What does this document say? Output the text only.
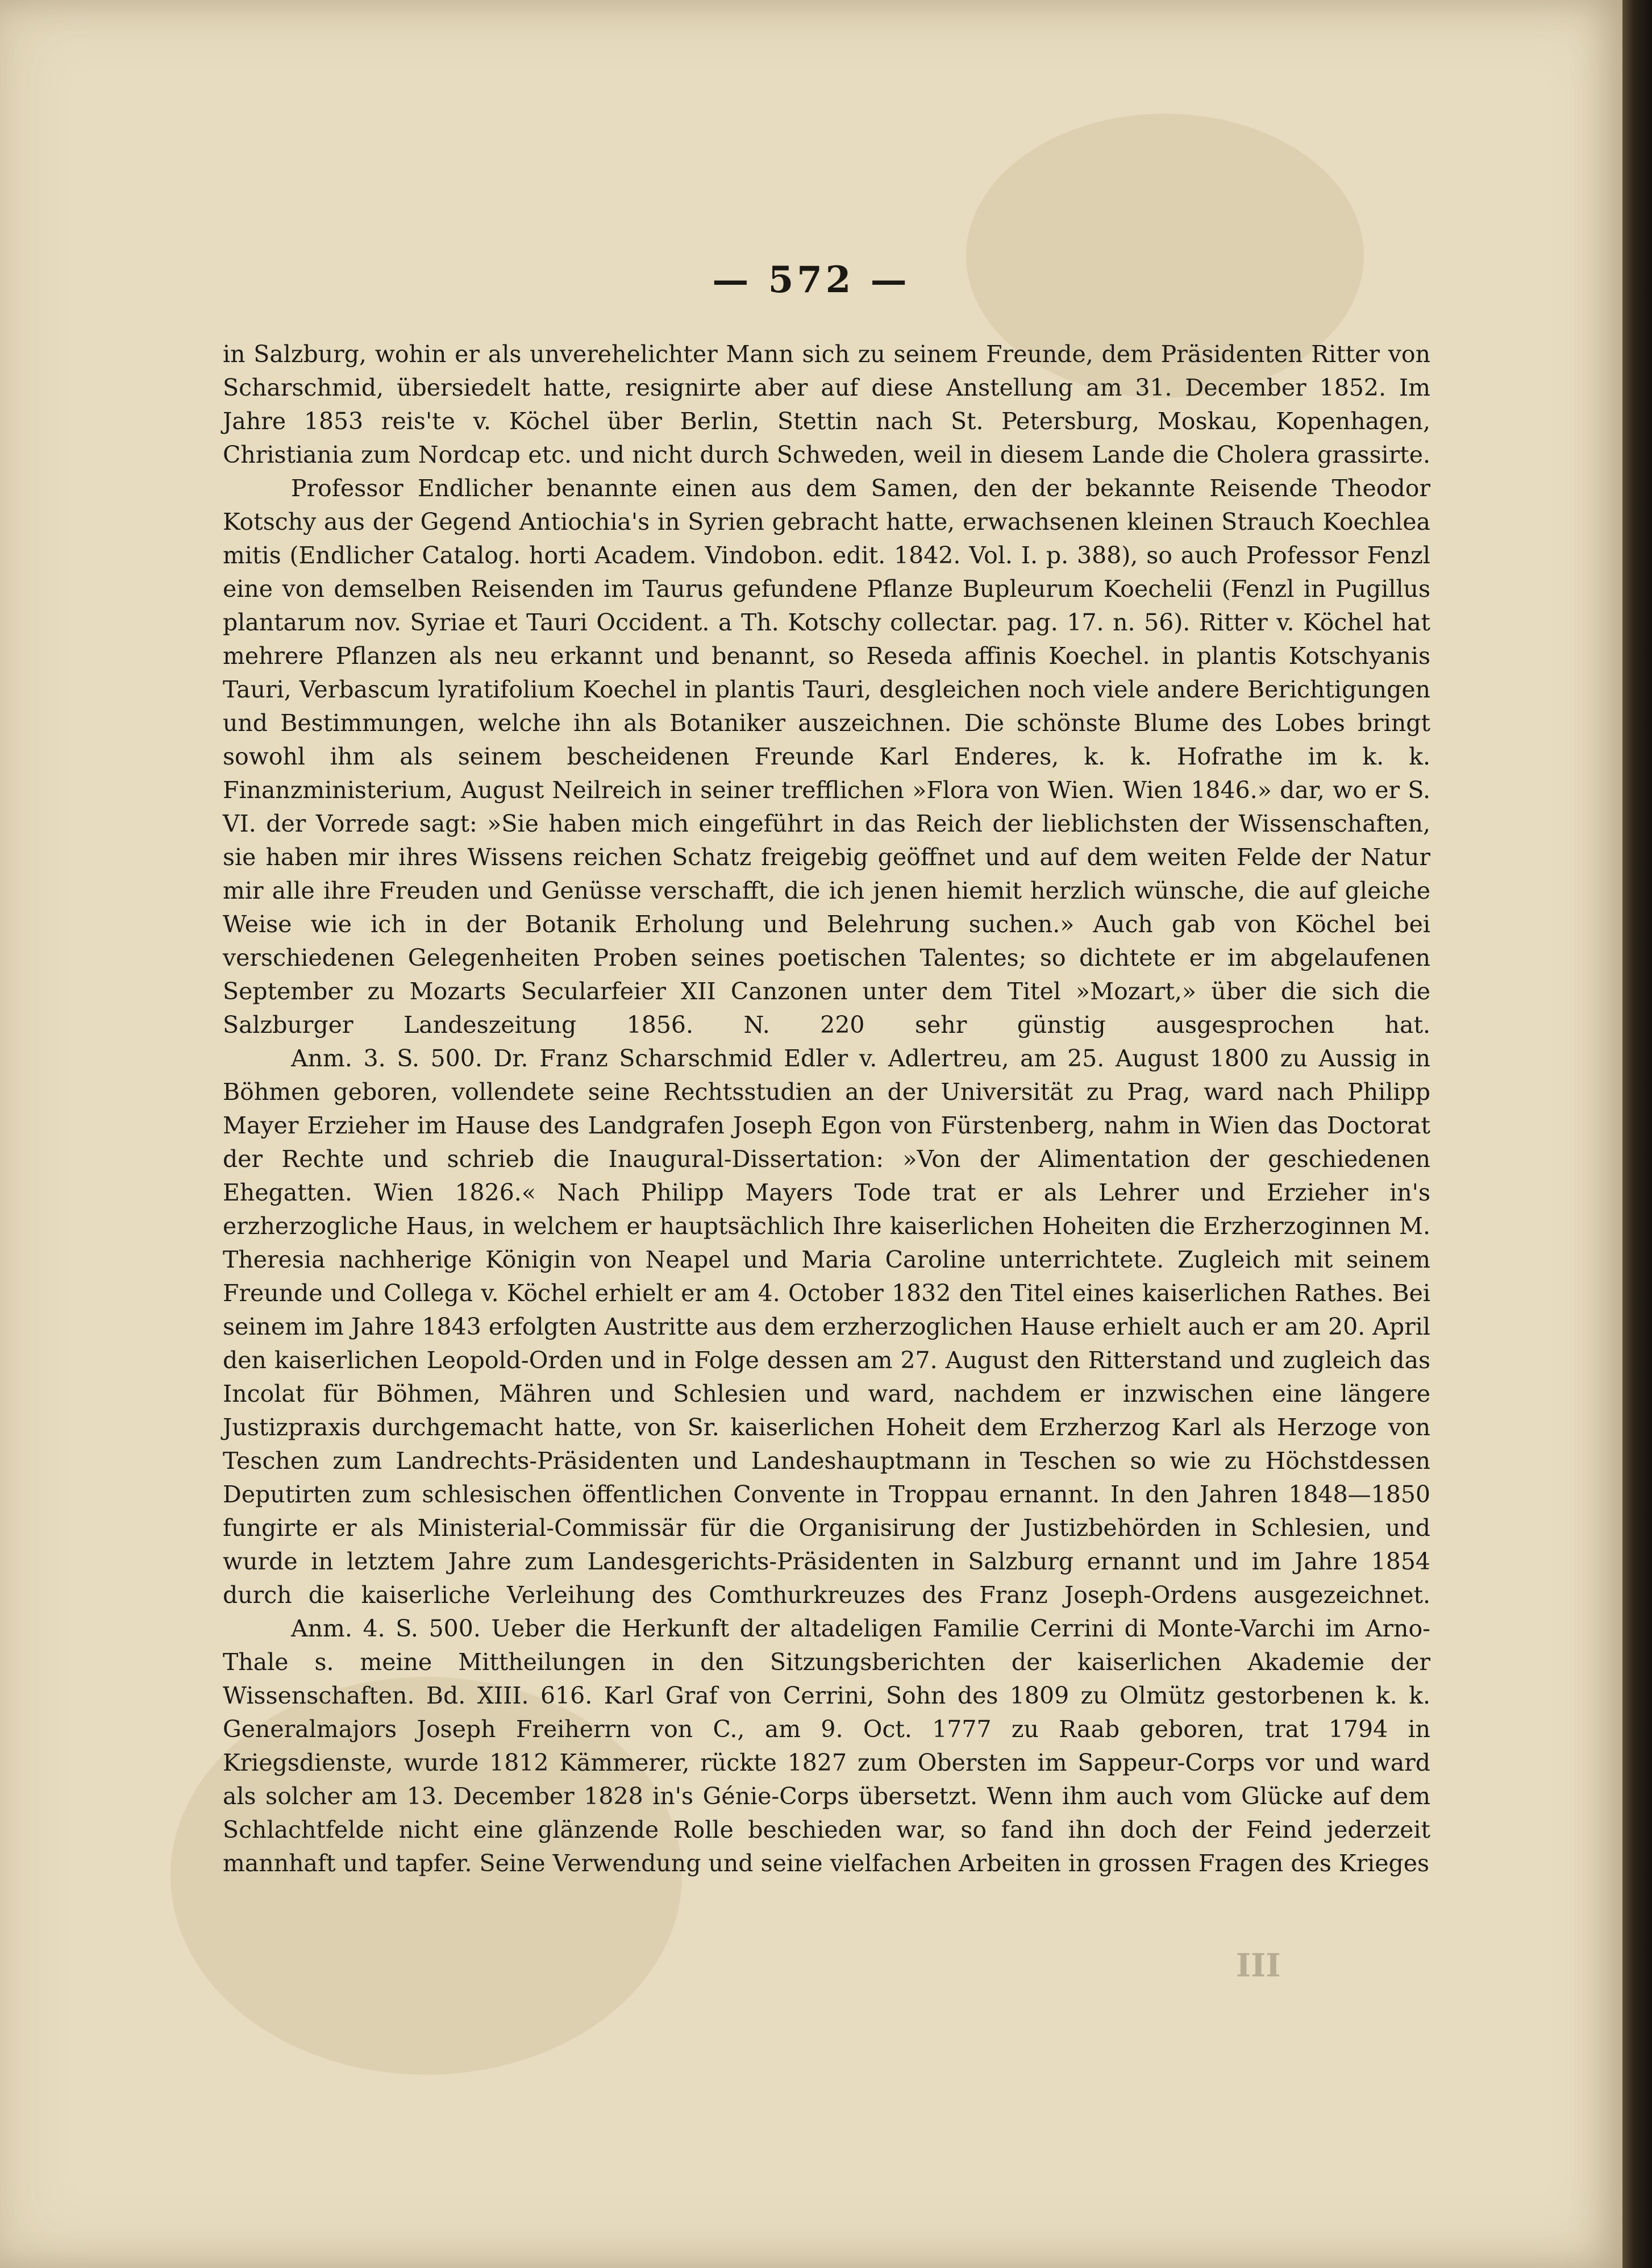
— 572 —

in Salzburg, wohin er als unverehelichter Mann sich zu seinem Freunde, dem Präsidenten Ritter von Scharschmid, übersiedelt hatte, resignirte aber auf diese Anstellung am 31. December 1852. Im Jahre 1853 reis'te v. Köchel über Berlin, Stettin nach St. Petersburg, Moskau, Kopenhagen, Christiania zum Nordcap etc. und nicht durch Schweden, weil in diesem Lande die Cholera grassirte.

Professor Endlicher benannte einen aus dem Samen, den der bekannte Reisende Theodor Kotschy aus der Gegend Antiochia's in Syrien gebracht hatte, erwachsenen kleinen Strauch Koechlea mitis (Endlicher Catalog. horti Academ. Vindobon. edit. 1842. Vol. I. p. 388), so auch Professor Fenzl eine von demselben Reisenden im Taurus gefundene Pflanze Bupleurum Koechelii (Fenzl in Pugillus plantarum nov. Syriae et Tauri Occident. a Th. Kotschy collectar. pag. 17. n. 56). Ritter v. Köchel hat mehrere Pflanzen als neu erkannt und benannt, so Reseda affinis Koechel. in plantis Kotschyanis Tauri, Verbascum lyratifolium Koechel in plantis Tauri, desgleichen noch viele andere Berichtigungen und Bestimmungen, welche ihn als Botaniker auszeichnen. Die schönste Blume des Lobes bringt sowohl ihm als seinem bescheidenen Freunde Karl Enderes, k. k. Hofrathe im k. k. Finanzministerium, August Neilreich in seiner trefflichen »Flora von Wien. Wien 1846.» dar, wo er S. VI. der Vorrede sagt: »Sie haben mich eingeführt in das Reich der lieblichsten der Wissenschaften, sie haben mir ihres Wissens reichen Schatz freigebig geöffnet und auf dem weiten Felde der Natur mir alle ihre Freuden und Genüsse verschafft, die ich jenen hiemit herzlich wünsche, die auf gleiche Weise wie ich in der Botanik Erholung und Belehrung suchen.» Auch gab von Köchel bei verschiedenen Gelegenheiten Proben seines poetischen Talentes; so dichtete er im abgelaufenen September zu Mozarts Secularfeier XII Canzonen unter dem Titel »Mozart,» über die sich die Salzburger Landeszeitung 1856. N. 220 sehr günstig ausgesprochen hat.

Anm. 3. S. 500. Dr. Franz Scharschmid Edler v. Adlertreu, am 25. August 1800 zu Aussig in Böhmen geboren, vollendete seine Rechtsstudien an der Universität zu Prag, ward nach Philipp Mayer Erzieher im Hause des Landgrafen Joseph Egon von Fürstenberg, nahm in Wien das Doctorat der Rechte und schrieb die Inaugural-Dissertation: »Von der Alimentation der geschiedenen Ehegatten. Wien 1826.« Nach Philipp Mayers Tode trat er als Lehrer und Erzieher in's erzherzogliche Haus, in welchem er hauptsächlich Ihre kaiserlichen Hoheiten die Erzherzoginnen M. Theresia nachherige Königin von Neapel und Maria Caroline unterrichtete. Zugleich mit seinem Freunde und Collega v. Köchel erhielt er am 4. October 1832 den Titel eines kaiserlichen Rathes. Bei seinem im Jahre 1843 erfolgten Austritte aus dem erzherzoglichen Hause erhielt auch er am 20. April den kaiserlichen Leopold-Orden und in Folge dessen am 27. August den Ritterstand und zugleich das Incolat für Böhmen, Mähren und Schlesien und ward, nachdem er inzwischen eine längere Justizpraxis durchgemacht hatte, von Sr. kaiserlichen Hoheit dem Erzherzog Karl als Herzoge von Teschen zum Landrechts-Präsidenten und Landeshauptmann in Teschen so wie zu Höchstdessen Deputirten zum schlesischen öffentlichen Convente in Troppau ernannt. In den Jahren 1848—1850 fungirte er als Ministerial-Commissär für die Organisirung der Justizbehörden in Schlesien, und wurde in letztem Jahre zum Landesgerichts-Präsidenten in Salzburg ernannt und im Jahre 1854 durch die kaiserliche Verleihung des Comthurkreuzes des Franz Joseph-Ordens ausgezeichnet.

Anm. 4. S. 500. Ueber die Herkunft der altadeligen Familie Cerrini di Monte-Varchi im Arno-Thale s. meine Mittheilungen in den Sitzungsberichten der kaiserlichen Akademie der Wissenschaften. Bd. XIII. 616. Karl Graf von Cerrini, Sohn des 1809 zu Olmütz gestorbenen k. k. Generalmajors Joseph Freiherrn von C., am 9. Oct. 1777 zu Raab geboren, trat 1794 in Kriegsdienste, wurde 1812 Kämmerer, rückte 1827 zum Obersten im Sappeur-Corps vor und ward als solcher am 13. December 1828 in's Génie-Corps übersetzt. Wenn ihm auch vom Glücke auf dem Schlachtfelde nicht eine glänzende Rolle beschieden war, so fand ihn doch der Feind jederzeit mannhaft und tapfer. Seine Verwendung und seine vielfachen Arbeiten in grossen Fragen des Krieges

III
